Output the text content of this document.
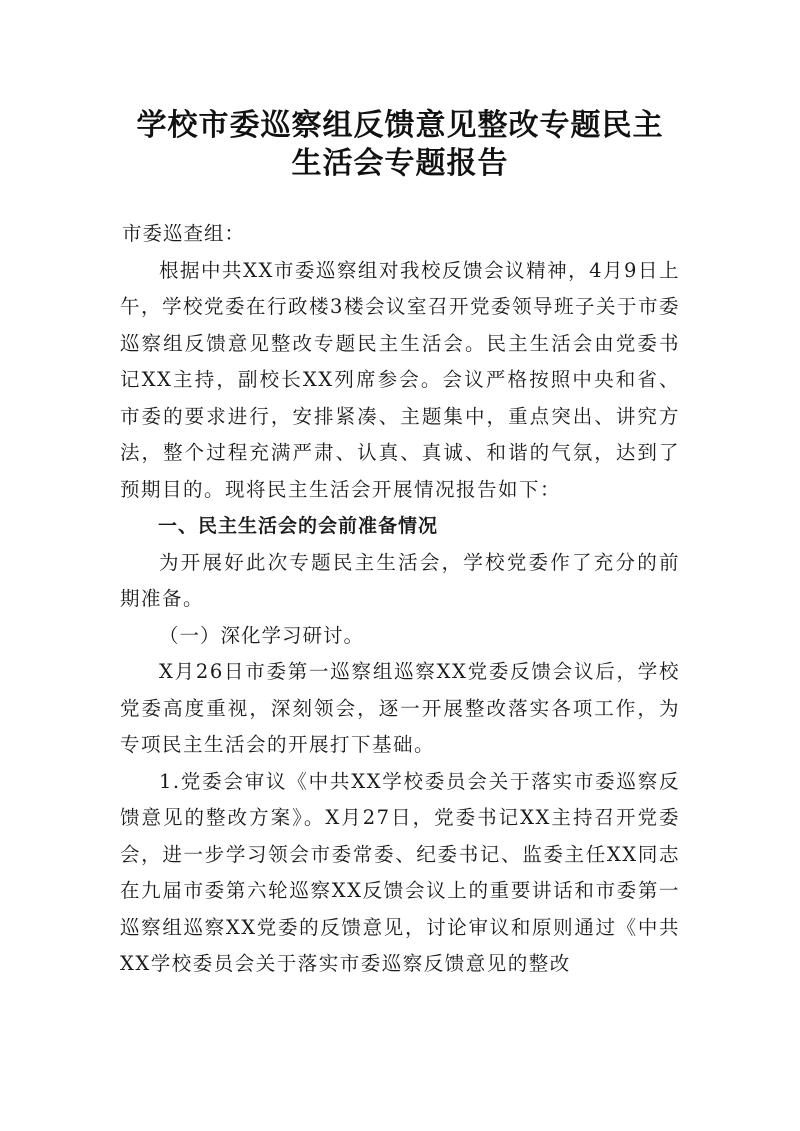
学校市委巡察组反馈意见整改专题民主
生活会专题报告

市委巡查组：

根据中共XX市委巡察组对我校反馈会议精神，4月9日上午，学校党委在行政楼3楼会议室召开党委领导班子关于市委巡察组反馈意见整改专题民主生活会。民主生活会由党委书记XX主持，副校长XX列席参会。会议严格按照中央和省、市委的要求进行，安排紧凑、主题集中，重点突出、讲究方法，整个过程充满严肃、认真、真诚、和谐的气氛，达到了预期目的。现将民主生活会开展情况报告如下：

一、民主生活会的会前准备情况

为开展好此次专题民主生活会，学校党委作了充分的前期准备。

（一）深化学习研讨。

X月26日市委第一巡察组巡察XX党委反馈会议后，学校党委高度重视，深刻领会，逐一开展整改落实各项工作，为专项民主生活会的开展打下基础。

1.党委会审议《中共XX学校委员会关于落实市委巡察反馈意见的整改方案》。X月27日，党委书记XX主持召开党委会，进一步学习领会市委常委、纪委书记、监委主任XX同志在九届市委第六轮巡察XX反馈会议上的重要讲话和市委第一巡察组巡察XX党委的反馈意见，讨论审议和原则通过《中共XX学校委员会关于落实市委巡察反馈意见的整改
